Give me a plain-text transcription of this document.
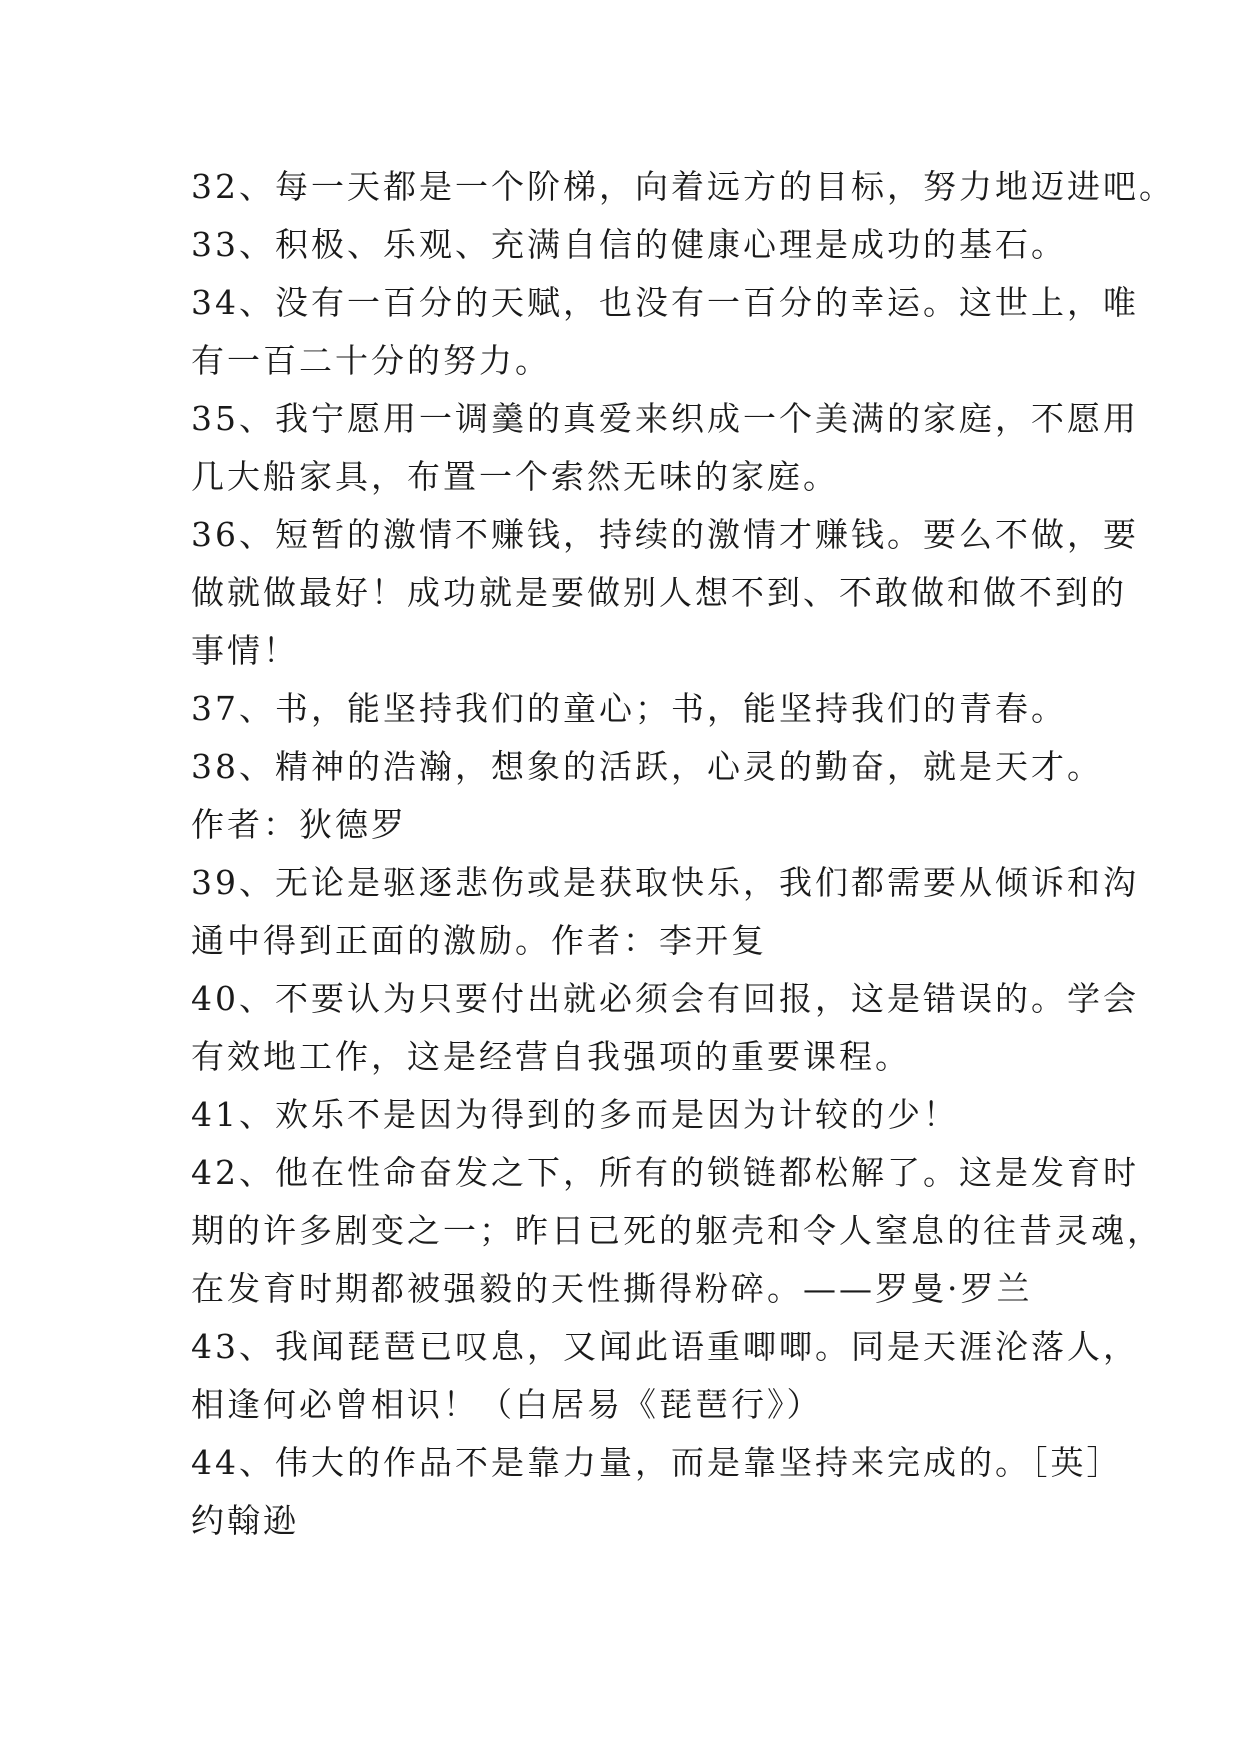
32、每一天都是一个阶梯，向着远方的目标，努力地迈进吧。
33、积极、乐观、充满自信的健康心理是成功的基石。
34、没有一百分的天赋，也没有一百分的幸运。这世上，唯
有一百二十分的努力。
35、我宁愿用一调羹的真爱来织成一个美满的家庭，不愿用
几大船家具，布置一个索然无味的家庭。
36、短暂的激情不赚钱，持续的激情才赚钱。要么不做，要
做就做最好！成功就是要做别人想不到、不敢做和做不到的
事情！
37、书，能坚持我们的童心；书，能坚持我们的青春。
38、精神的浩瀚，想象的活跃，心灵的勤奋，就是天才。
作者：狄德罗
39、无论是驱逐悲伤或是获取快乐，我们都需要从倾诉和沟
通中得到正面的激励。作者：李开复
40、不要认为只要付出就必须会有回报，这是错误的。学会
有效地工作，这是经营自我强项的重要课程。
41、欢乐不是因为得到的多而是因为计较的少！
42、他在性命奋发之下，所有的锁链都松解了。这是发育时
期的许多剧变之一；昨日已死的躯壳和令人窒息的往昔灵魂，
在发育时期都被强毅的天性撕得粉碎。——罗曼·罗兰
43、我闻琵琶已叹息，又闻此语重唧唧。同是天涯沦落人，
相逢何必曾相识！（白居易《琵琶行》）
44、伟大的作品不是靠力量，而是靠坚持来完成的。［英］
约翰逊
